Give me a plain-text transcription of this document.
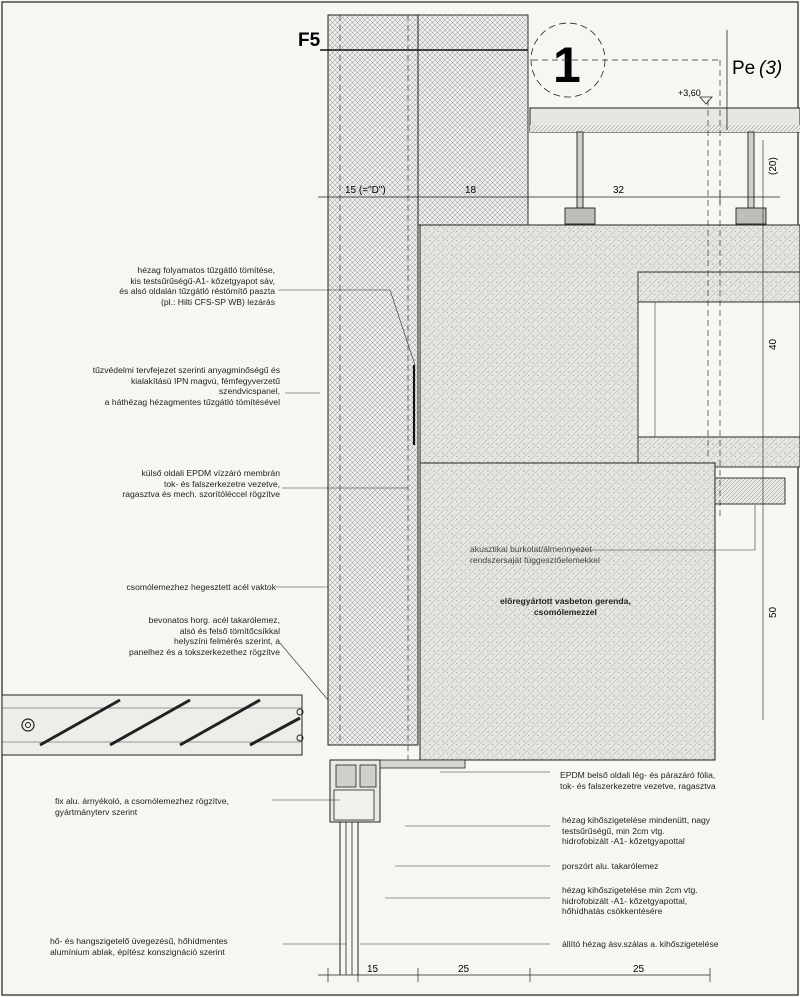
F5	1	Pe (3)
+3,60
15 (="D")	18	32
(20)
40
50
15	25	25
hézag folyamatos tűzgátló tömítése,
kis testsűrűségű-A1- kőzetgyapot sáv,
és alsó oldalán tűzgátló réstömítő paszta
(pl.: Hilti CFS-SP WB) lezárás
tűzvédelmi tervfejezet szerinti anyagminőségű és
kialakítású IPN magvú, fémfegyverzetű
szendvicspanel,
a háthézag hézagmentes tűzgátló tömítésével
külső oldali EPDM vízzáró membrán
tok- és falszerkezetre vezetve,
ragasztva és mech. szorítóléccel rögzítve
csomólemezhez hegesztett acél vaktok
bevonatos horg. acél takarólemez,
alsó és felső tömítőcsíkkal
helyszíni felmérés szerint, a
panelhez és a tokszerkezethez rögzítve
fix alu. árnyékoló, a csomólemezhez rögzítve,
gyártmányterv szerint
hő- és hangszigetelő üvegezésű, hőhídmentes
alumínium ablak, építész konszignáció szerint
akusztikai burkolat/álmennyezet
rendszersaját függesztőelemekkel
előregyártott vasbeton gerenda,
csomólemezzel
EPDM belső oldali lég- és párazáró fólia,
tok- és falszerkezetre vezetve, ragasztva
hézag kihőszigetelése mindenütt, nagy
testsűrűségű, min 2cm vtg.
hidrofobizált -A1- kőzetgyapottal
porszórt alu. takarólemez
hézag kihőszigetelése min 2cm vtg.
hidrofobizált -A1- kőzetgyapottal,
hőhídhatás csökkentésére
állító hézag ásv.szálas a. kihőszigetelése
